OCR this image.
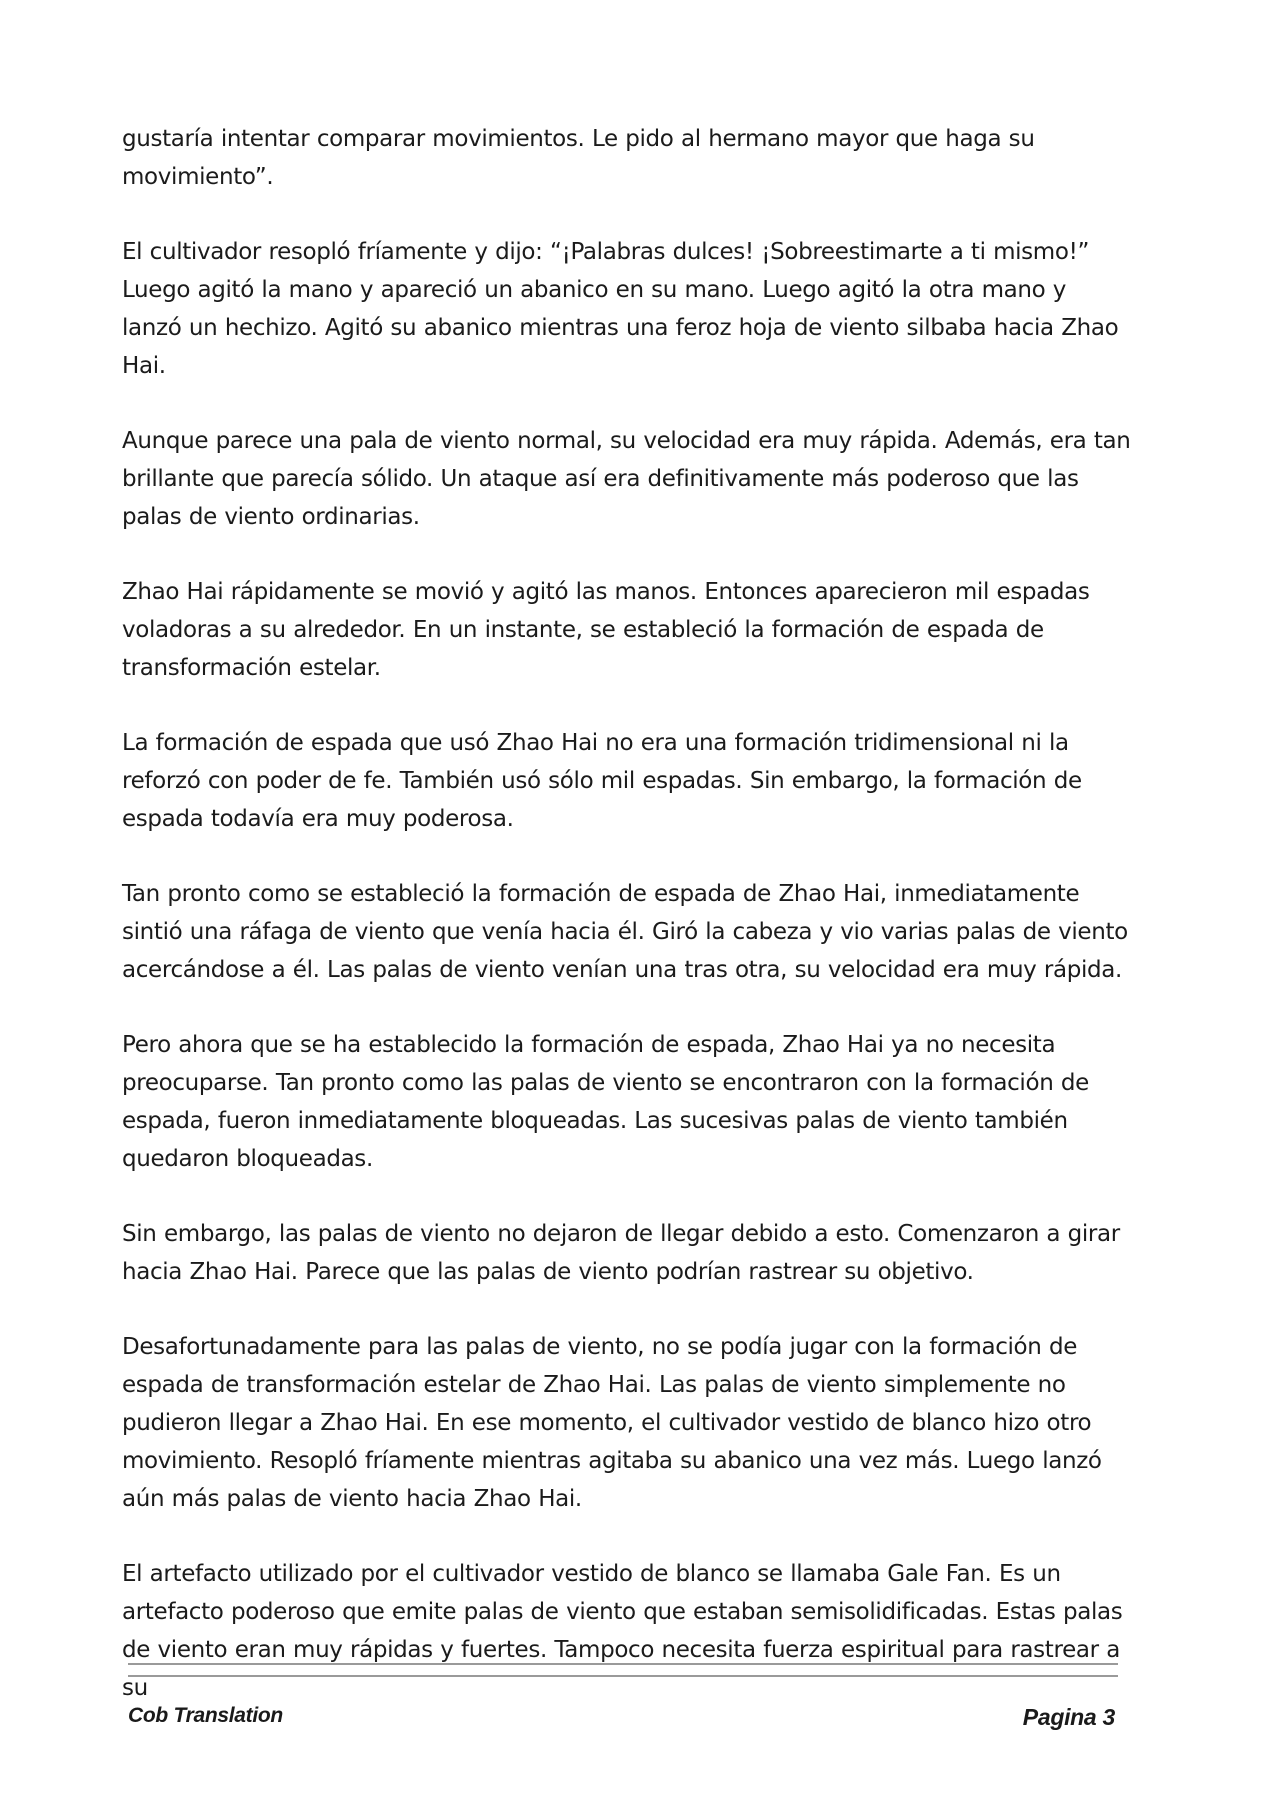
gustaría intentar comparar movimientos. Le pido al hermano mayor que haga su movimiento”.

El cultivador resopló fríamente y dijo: “¡Palabras dulces! ¡Sobreestimarte a ti mismo!” Luego agitó la mano y apareció un abanico en su mano. Luego agitó la otra mano y lanzó un hechizo. Agitó su abanico mientras una feroz hoja de viento silbaba hacia Zhao Hai.

Aunque parece una pala de viento normal, su velocidad era muy rápida. Además, era tan brillante que parecía sólido. Un ataque así era definitivamente más poderoso que las palas de viento ordinarias.

Zhao Hai rápidamente se movió y agitó las manos. Entonces aparecieron mil espadas voladoras a su alrededor. En un instante, se estableció la formación de espada de transformación estelar.

La formación de espada que usó Zhao Hai no era una formación tridimensional ni la reforzó con poder de fe. También usó sólo mil espadas. Sin embargo, la formación de espada todavía era muy poderosa.

Tan pronto como se estableció la formación de espada de Zhao Hai, inmediatamente sintió una ráfaga de viento que venía hacia él. Giró la cabeza y vio varias palas de viento acercándose a él. Las palas de viento venían una tras otra, su velocidad era muy rápida.

Pero ahora que se ha establecido la formación de espada, Zhao Hai ya no necesita preocuparse. Tan pronto como las palas de viento se encontraron con la formación de espada, fueron inmediatamente bloqueadas. Las sucesivas palas de viento también quedaron bloqueadas.

Sin embargo, las palas de viento no dejaron de llegar debido a esto. Comenzaron a girar hacia Zhao Hai. Parece que las palas de viento podrían rastrear su objetivo.

Desafortunadamente para las palas de viento, no se podía jugar con la formación de espada de transformación estelar de Zhao Hai. Las palas de viento simplemente no pudieron llegar a Zhao Hai. En ese momento, el cultivador vestido de blanco hizo otro movimiento. Resopló fríamente mientras agitaba su abanico una vez más. Luego lanzó aún más palas de viento hacia Zhao Hai.

El artefacto utilizado por el cultivador vestido de blanco se llamaba Gale Fan. Es un artefacto poderoso que emite palas de viento que estaban semisolidificadas. Estas palas de viento eran muy rápidas y fuertes. Tampoco necesita fuerza espiritual para rastrear a su

Cob Translation	Pagina 3
